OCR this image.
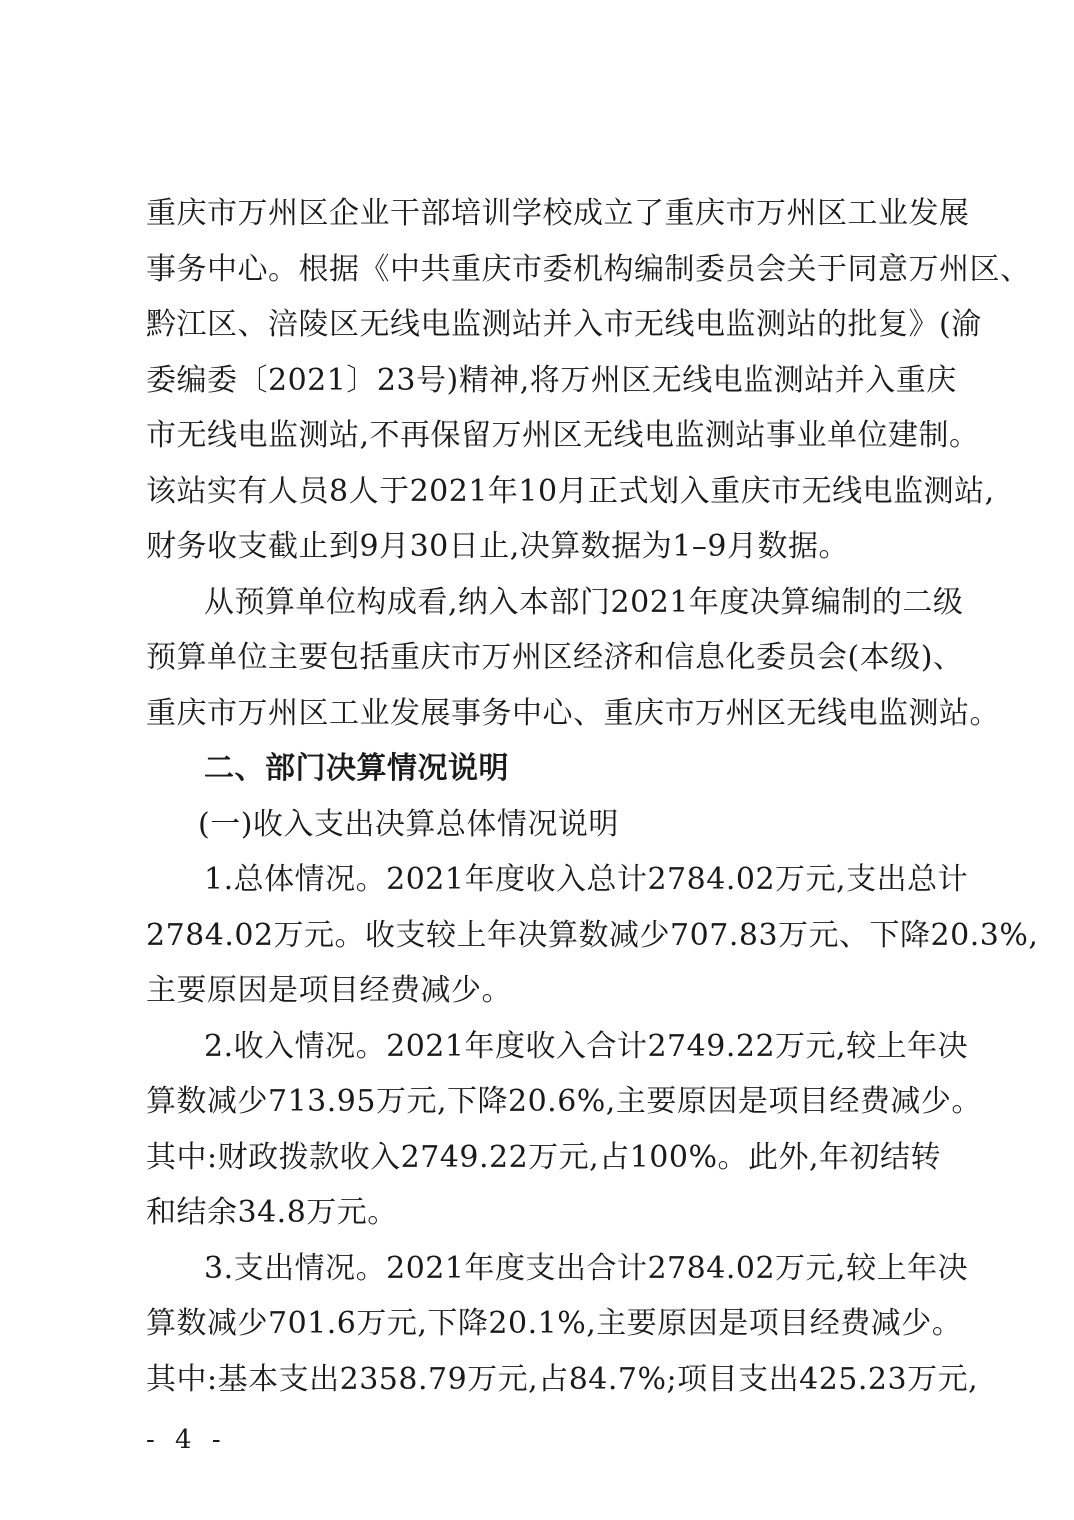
重庆市万州区企业干部培训学校成立了重庆市万州区工业发展
事务中心。根据《中共重庆市委机构编制委员会关于同意万州区、
黔江区、涪陵区无线电监测站并入市无线电监测站的批复》(渝
委编委〔2021〕23号)精神,将万州区无线电监测站并入重庆
市无线电监测站,不再保留万州区无线电监测站事业单位建制。
该站实有人员8人于2021年10月正式划入重庆市无线电监测站,
财务收支截止到9月30日止,决算数据为1–9月数据。
从预算单位构成看,纳入本部门2021年度决算编制的二级
预算单位主要包括重庆市万州区经济和信息化委员会(本级)、
重庆市万州区工业发展事务中心、重庆市万州区无线电监测站。
二、部门决算情况说明
(一)收入支出决算总体情况说明
1.总体情况。2021年度收入总计2784.02万元,支出总计
2784.02万元。收支较上年决算数减少707.83万元、下降20.3%,
主要原因是项目经费减少。
2.收入情况。2021年度收入合计2749.22万元,较上年决
算数减少713.95万元,下降20.6%,主要原因是项目经费减少。
其中:财政拨款收入2749.22万元,占100%。此外,年初结转
和结余34.8万元。
3.支出情况。2021年度支出合计2784.02万元,较上年决
算数减少701.6万元,下降20.1%,主要原因是项目经费减少。
- 4 -
其中:基本支出2358.79万元,占84.7%;项目支出425.23万元,
